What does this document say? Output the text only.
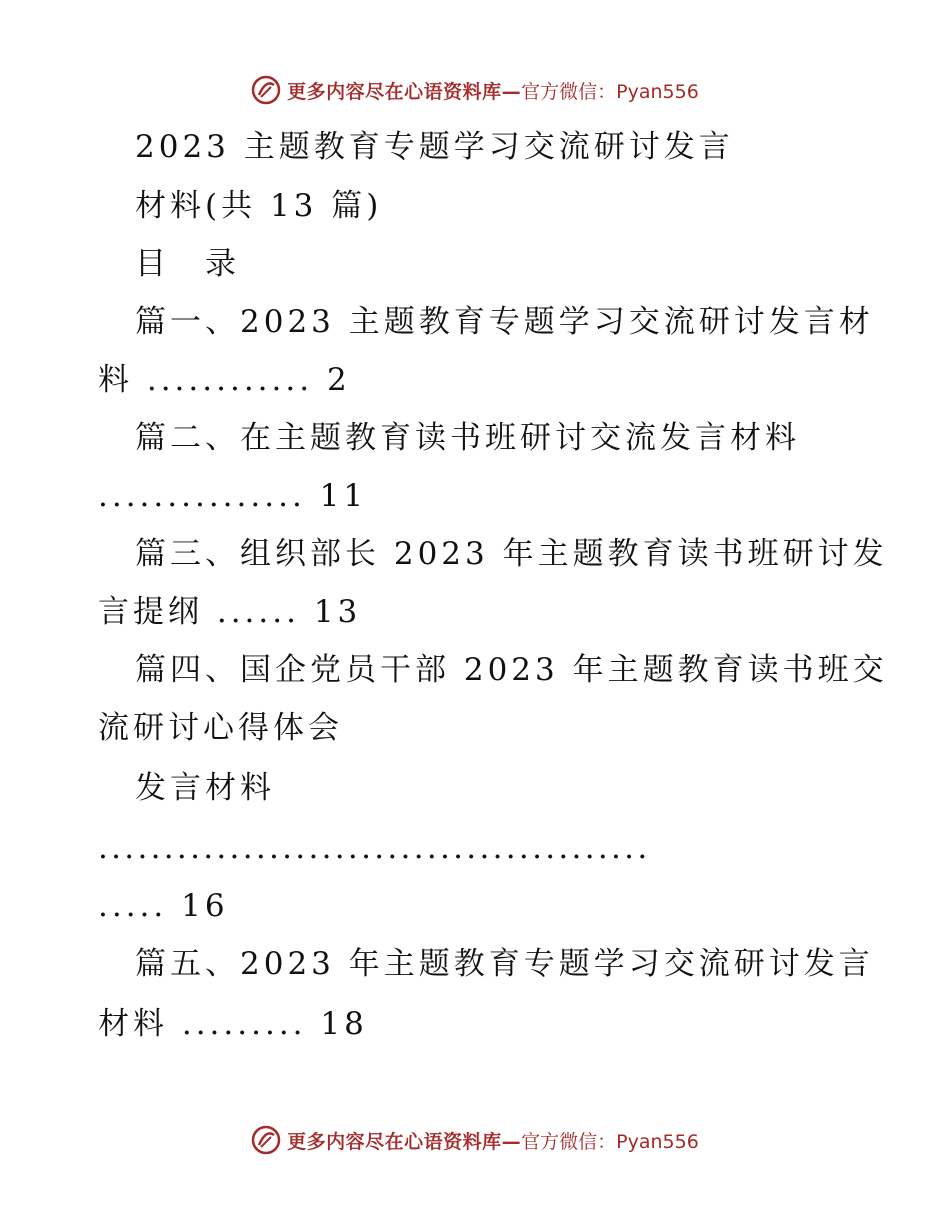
更多内容尽在心语资料库— 官方微信：Pyan556
2023 主题教育专题学习交流研讨发言
材料(共 13 篇)
目　录
篇一、2023 主题教育专题学习交流研讨发言材
料 ............ 2
篇二、在主题教育读书班研讨交流发言材料
............... 11
篇三、组织部长 2023 年主题教育读书班研讨发
言提纲 ...... 13
篇四、国企党员干部 2023 年主题教育读书班交
流研讨心得体会
发言材料
..........................................
..... 16
篇五、2023 年主题教育专题学习交流研讨发言
材料 ......... 18
更多内容尽在心语资料库— 官方微信：Pyan556
